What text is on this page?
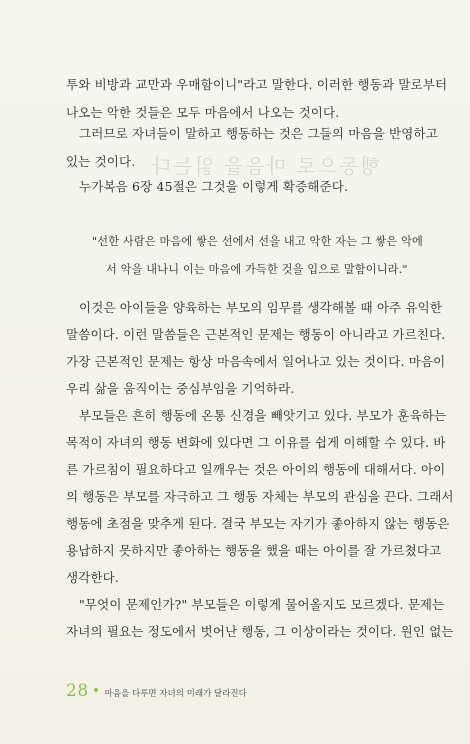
행동으로 마음을 읽는다

투와 비방과 교만과 우매함이니"라고 말한다. 이러한 행동과 말로부터

나오는 악한 것들은 모두 마음에서 나오는 것이다.

그러므로 자녀들이 말하고 행동하는 것은 그들의 마음을 반영하고

있는 것이다.

누가복음 6장 45절은 그것을 이렇게 확증해준다.

"선한 사람은 마음에 쌓은 선에서 선을 내고 악한 자는 그 쌓은 악에

서 악을 내나니 이는 마음에 가득한 것을 입으로 말함이니라."

이것은 아이들을 양육하는 부모의 임무를 생각해볼 때 아주 유익한

말씀이다. 이런 말씀들은 근본적인 문제는 행동이 아니라고 가르친다.

가장 근본적인 문제는 항상 마음속에서 일어나고 있는 것이다. 마음이

우리 삶을 움직이는 중심부임을 기억하라.

부모들은 흔히 행동에 온통 신경을 빼앗기고 있다. 부모가 훈육하는

목적이 자녀의 행동 변화에 있다면 그 이유를 쉽게 이해할 수 있다. 바

른 가르침이 필요하다고 일깨우는 것은 아이의 행동에 대해서다. 아이

의 행동은 부모를 자극하고 그 행동 자체는 부모의 관심을 끈다. 그래서

행동에 초점을 맞추게 된다. 결국 부모는 자기가 좋아하지 않는 행동은

용납하지 못하지만 좋아하는 행동을 했을 때는 아이를 잘 가르쳤다고

생각한다.

"무엇이 문제인가?" 부모들은 이렇게 물어올지도 모르겠다. 문제는

자녀의 필요는 정도에서 벗어난 행동, 그 이상이라는 것이다. 원인 없는

28 마음을 다루면 자녀의 미래가 달라진다
